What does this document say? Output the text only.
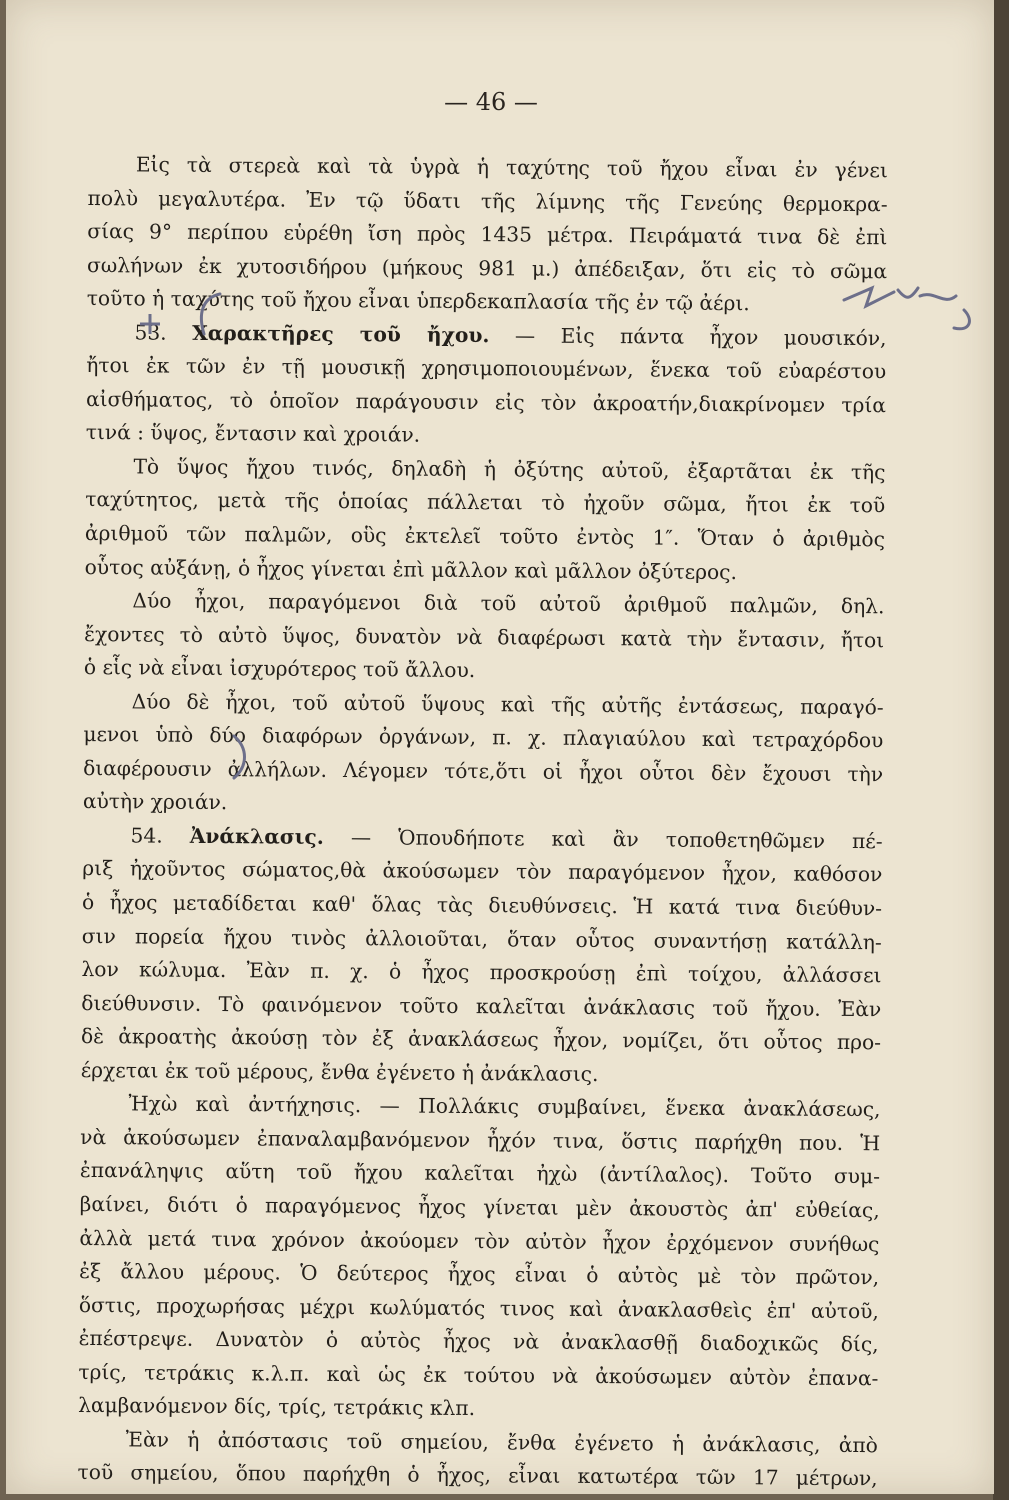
— 46 —
Εἰς τὰ στερεὰ καὶ τὰ ὑγρὰ ἡ ταχύτης τοῦ ἤχου εἶναι ἐν γένει
πολὺ μεγαλυτέρα. Ἐν τῷ ὕδατι τῆς λίμνης τῆς Γενεύης θερμοκρα-
σίας 9° περίπου εὑρέθη ἴση πρὸς 1435 μέτρα. Πειράματά τινα δὲ ἐπὶ
σωλήνων ἐκ χυτοσιδήρου (μήκους 981 μ.) ἀπέδειξαν, ὅτι εἰς τὸ σῶμα
τοῦτο ἡ ταχύτης τοῦ ἤχου εἶναι ὑπερδεκαπλασία τῆς ἐν τῷ ἀέρι.
53. Χαρακτῆρες τοῦ ἤχου. — Εἰς πάντα ἦχον μουσικόν,
ἤτοι ἐκ τῶν ἐν τῇ μουσικῇ χρησιμοποιουμένων, ἕνεκα τοῦ εὐαρέστου
αἰσθήματος, τὸ ὁποῖον παράγουσιν εἰς τὸν ἀκροατήν,διακρίνομεν τρία
τινά : ὕψος, ἔντασιν καὶ χροιάν.
Τὸ ὕψος ἤχου τινός, δηλαδὴ ἡ ὀξύτης αὐτοῦ, ἐξαρτᾶται ἐκ τῆς
ταχύτητος, μετὰ τῆς ὁποίας πάλλεται τὸ ἠχοῦν σῶμα, ἤτοι ἐκ τοῦ
ἀριθμοῦ τῶν παλμῶν, οὓς ἐκτελεῖ τοῦτο ἐντὸς 1″. Ὅταν ὁ ἀριθμὸς
οὗτος αὐξάνῃ, ὁ ἦχος γίνεται ἐπὶ μᾶλλον καὶ μᾶλλον ὀξύτερος.
Δύο ἦχοι, παραγόμενοι διὰ τοῦ αὐτοῦ ἀριθμοῦ παλμῶν, δηλ.
ἔχοντες τὸ αὐτὸ ὕψος, δυνατὸν νὰ διαφέρωσι κατὰ τὴν ἔντασιν, ἤτοι
ὁ εἷς νὰ εἶναι ἰσχυρότερος τοῦ ἄλλου.
Δύο δὲ ἦχοι, τοῦ αὐτοῦ ὕψους καὶ τῆς αὐτῆς ἐντάσεως, παραγό-
μενοι ὑπὸ δύο διαφόρων ὀργάνων, π. χ. πλαγιαύλου καὶ τετραχόρδου
διαφέρουσιν ἀλλήλων. Λέγομεν τότε,ὅτι οἱ ἦχοι οὗτοι δὲν ἔχουσι τὴν
αὐτὴν χροιάν.
54. Ἀνάκλασις. — Ὁπουδήποτε καὶ ἂν τοποθετηθῶμεν πέ-
ριξ ἠχοῦντος σώματος,θὰ ἀκούσωμεν τὸν παραγόμενον ἦχον, καθόσον
ὁ ἦχος μεταδίδεται καθ' ὅλας τὰς διευθύνσεις. Ἡ κατά τινα διεύθυν-
σιν πορεία ἤχου τινὸς ἀλλοιοῦται, ὅταν οὗτος συναντήσῃ κατάλλη-
λον κώλυμα. Ἐὰν π. χ. ὁ ἦχος προσκρούσῃ ἐπὶ τοίχου, ἀλλάσσει
διεύθυνσιν. Τὸ φαινόμενον τοῦτο καλεῖται ἀνάκλασις τοῦ ἤχου. Ἐὰν
δὲ ἀκροατὴς ἀκούσῃ τὸν ἐξ ἀνακλάσεως ἦχον, νομίζει, ὅτι οὗτος προ-
έρχεται ἐκ τοῦ μέρους, ἔνθα ἐγένετο ἡ ἀνάκλασις.
Ἠχὼ καὶ ἀντήχησις. — Πολλάκις συμβαίνει, ἕνεκα ἀνακλάσεως,
νὰ ἀκούσωμεν ἐπαναλαμβανόμενον ἦχόν τινα, ὅστις παρήχθη που. Ἡ
ἐπανάληψις αὕτη τοῦ ἤχου καλεῖται ἠχὼ (ἀντίλαλος). Τοῦτο συμ-
βαίνει, διότι ὁ παραγόμενος ἦχος γίνεται μὲν ἀκουστὸς ἀπ' εὐθείας,
ἀλλὰ μετά τινα χρόνον ἀκούομεν τὸν αὐτὸν ἦχον ἐρχόμενον συνήθως
ἐξ ἄλλου μέρους. Ὁ δεύτερος ἦχος εἶναι ὁ αὐτὸς μὲ τὸν πρῶτον,
ὅστις, προχωρήσας μέχρι κωλύματός τινος καὶ ἀνακλασθεὶς ἐπ' αὐτοῦ,
ἐπέστρεψε. Δυνατὸν ὁ αὐτὸς ἦχος νὰ ἀνακλασθῇ διαδοχικῶς δίς,
τρίς, τετράκις κ.λ.π. καὶ ὡς ἐκ τούτου νὰ ἀκούσωμεν αὐτὸν ἐπανα-
λαμβανόμενον δίς, τρίς, τετράκις κλπ.
Ἐὰν ἡ ἀπόστασις τοῦ σημείου, ἔνθα ἐγένετο ἡ ἀνάκλασις, ἀπὸ
τοῦ σημείου, ὅπου παρήχθη ὁ ἦχος, εἶναι κατωτέρα τῶν 17 μέτρων,
